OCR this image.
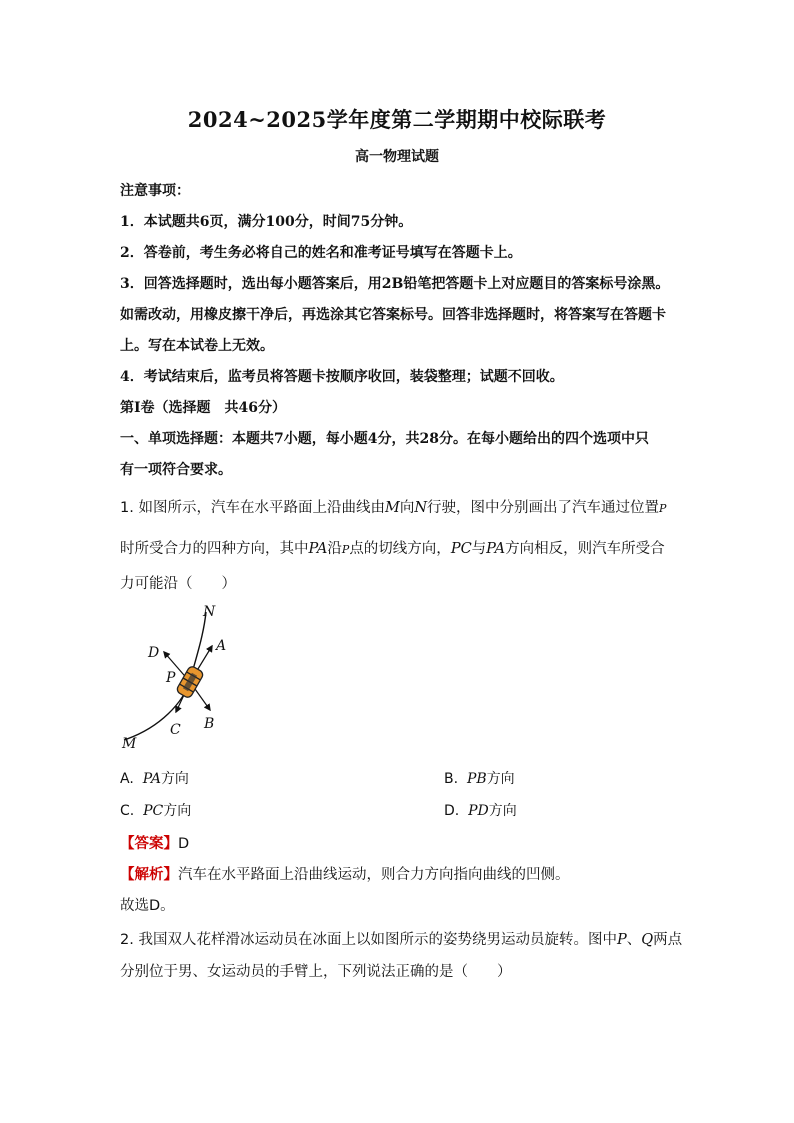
2024~2025学年度第二学期期中校际联考
高一物理试题
注意事项：
1．本试题共6页，满分100分，时间75分钟。
2．答卷前，考生务必将自己的姓名和准考证号填写在答题卡上。
3．回答选择题时，选出每小题答案后，用2B铅笔把答题卡上对应题目的答案标号涂黑。
如需改动，用橡皮擦干净后，再选涂其它答案标号。回答非选择题时，将答案写在答题卡
上。写在本试卷上无效。
4．考试结束后，监考员将答题卡按顺序收回，装袋整理；试题不回收。
第Ⅰ卷（选择题　共46分）
一、单项选择题：本题共7小题，每小题4分，共28分。在每小题给出的四个选项中只
有一项符合要求。
1. 如图所示，汽车在水平路面上沿曲线由M向N行驶，图中分别画出了汽车通过位置P
时所受合力的四种方向，其中PA沿P点的切线方向，PC与PA方向相反，则汽车所受合
力可能沿（　　）
N
D	A
P
B
C
M
A. PA方向	B. PB方向
C. PC方向	D. PD方向
【答案】D
【解析】汽车在水平路面上沿曲线运动，则合力方向指向曲线的凹侧。
故选D。
2. 我国双人花样滑冰运动员在冰面上以如图所示的姿势绕男运动员旋转。图中P、Q两点
分别位于男、女运动员的手臂上，下列说法正确的是（　　）
